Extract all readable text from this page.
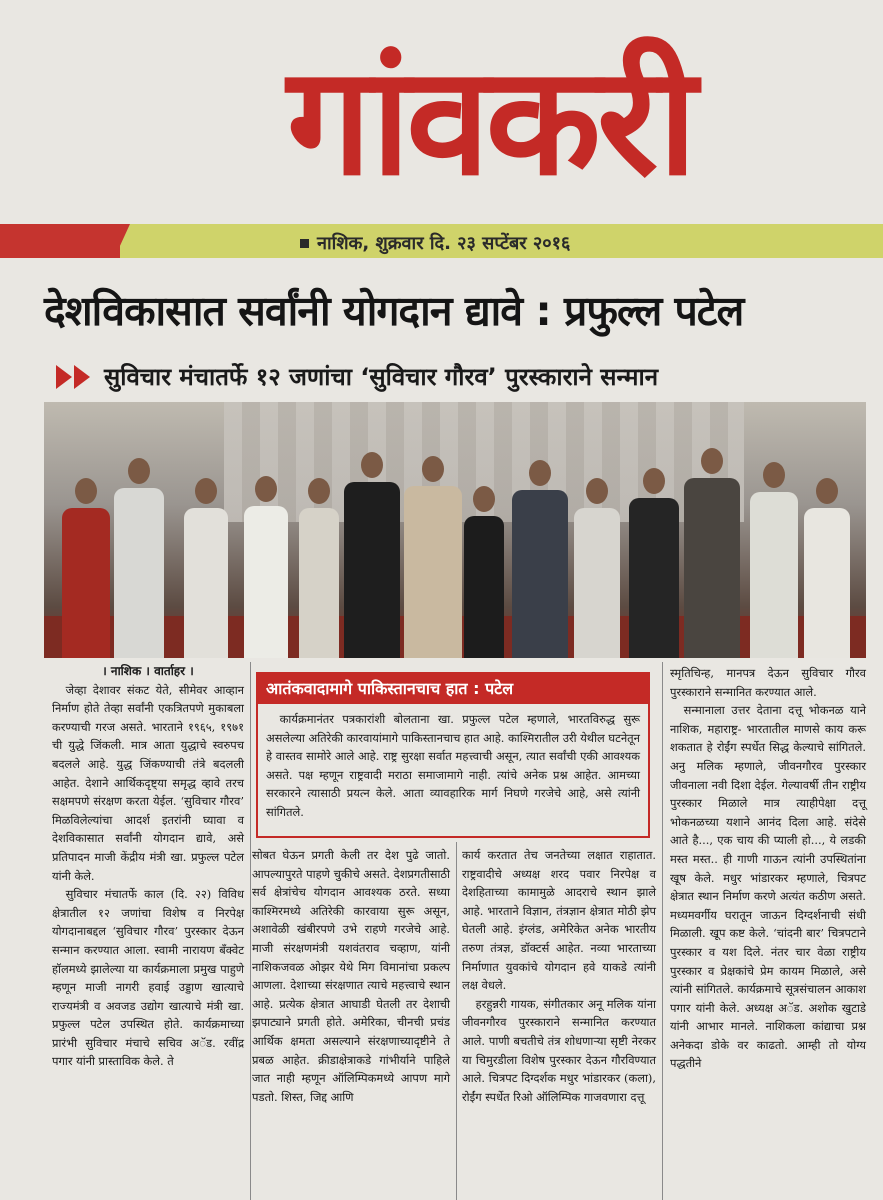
गांवकरी
नाशिक, शुक्रवार दि. २३ सप्टेंबर २०१६
देशविकासात सर्वांनी योगदान द्यावे : प्रफुल्ल पटेल
सुविचार मंचातर्फे १२ जणांचा ‘सुविचार गौरव’ पुरस्काराने सन्मान
। नाशिक । वार्ताहर ।

जेव्हा देशावर संकट येते, सीमेवर आव्हान निर्माण होते तेव्हा सर्वांनी एकत्रितपणे मुकाबला करण्याची गरज असते. भारताने १९६५, १९७१ ची युद्धे जिंकली. मात्र आता युद्धाचे स्वरुपच बदलले आहे. युद्ध जिंकण्याची तंत्रे बदलली आहेत. देशाने आर्थिकदृष्ट्या समृद्ध व्हावे तरच सक्षमपणे संरक्षण करता येईल. ‘सुविचार गौरव’ मिळविलेल्यांचा आदर्श इतरांनी घ्यावा व देशविकासात सर्वांनी योगदान द्यावे, असे प्रतिपादन माजी केंद्रीय मंत्री खा. प्रफुल्ल पटेल यांनी केले.

सुविचार मंचातर्फे काल (दि. २२) विविध क्षेत्रातील १२ जणांचा विशेष व निरपेक्ष योगदानाबद्दल ‘सुविचार गौरव’ पुरस्कार देऊन सन्मान करण्यात आला. स्वामी नारायण बँक्वेट हॉलमध्ये झालेल्या या कार्यक्रमाला प्रमुख पाहुणे म्हणून माजी नागरी हवाई उड्डाण खात्याचे राज्यमंत्री व अवजड उद्योग खात्याचे मंत्री खा. प्रफुल्ल पटेल उपस्थित होते. कार्यक्रमाच्या प्रारंभी सुविचार मंचाचे सचिव अॅड. रवींद्र पगार यांनी प्रास्ताविक केले. ते

आतंकवादामागे पाकिस्तानचाच हात : पटेल

कार्यक्रमानंतर पत्रकारांशी बोलताना खा. प्रफुल्ल पटेल म्हणाले, भारतविरुद्ध सुरू असलेल्या अतिरेकी कारवायांमागे पाकिस्तानचाच हात आहे. काश्मिरातील उरी येथील घटनेतून हे वास्तव सामोरे आले आहे. राष्ट्र सुरक्षा सर्वात महत्त्वाची असून, त्यात सर्वांची एकी आवश्यक असते. पक्ष म्हणून राष्ट्रवादी मराठा समाजामागे नाही. त्यांचे अनेक प्रश्न आहेत. आमच्या सरकारने त्यासाठी प्रयत्न केले. आता व्यावहारिक मार्ग निघणे गरजेचे आहे, असे त्यांनी सांगितले.

सोबत घेऊन प्रगती केली तर देश पुढे जातो. आपल्यापुरते पाहणे चुकीचे असते. देशप्रगतीसाठी सर्व क्षेत्रांचेच योगदान आवश्यक ठरते. सध्या काश्मिरमध्ये अतिरेकी कारवाया सुरू असून, अशावेळी खंबीरपणे उभे राहणे गरजेचे आहे. माजी संरक्षणमंत्री यशवंतराव चव्हाण, यांनी नाशिकजवळ ओझर येथे मिग विमानांचा प्रकल्प आणला. देशाच्या संरक्षणात त्याचे महत्त्वाचे स्थान आहे. प्रत्येक क्षेत्रात आघाडी घेतली तर देशाची झपाट्याने प्रगती होते. अमेरिका, चीनची प्रचंड आर्थिक क्षमता असल्याने संरक्षणाच्यादृष्टीने ते प्रबळ आहेत. क्रीडाक्षेत्राकडे गांभीर्याने पाहिले जात नाही म्हणून ऑलिम्पिकमध्ये आपण मागे पडतो. शिस्त, जिद्द आणि

कार्य करतात तेच जनतेच्या लक्षात राहातात. राष्ट्रवादीचे अध्यक्ष शरद पवार निरपेक्ष व देशहिताच्या कामामुळे आदराचे स्थान झाले आहे. भारताने विज्ञान, तंत्रज्ञान क्षेत्रात मोठी झेप घेतली आहे. इंग्लंड, अमेरिकेत अनेक भारतीय तरुण तंत्रज्ञ, डॉक्टर्स आहेत. नव्या भारताच्या निर्माणात युवकांचे योगदान हवे याकडे त्यांनी लक्ष वेधले.

हरहुन्नरी गायक, संगीतकार अनू मलिक यांना जीवनगौरव पुरस्काराने सन्मानित करण्यात आले. पाणी बचतीचे तंत्र शोधणाऱ्या सृष्टी नेरकर या चिमुरडीला विशेष पुरस्कार देऊन गौरविण्यात आले. चित्रपट दिग्दर्शक मधुर भांडारकर (कला), रोईंग स्पर्धेत रिओ ऑलिम्पिक गाजवणारा दत्तू

स्मृतिचिन्ह, मानपत्र देऊन सुविचार गौरव पुरस्काराने सन्मानित करण्यात आले.

सन्मानाला उत्तर देताना दत्तू भोकनळ याने नाशिक, महाराष्ट्र- भारतातील माणसे काय करू शकतात हे रोईंग स्पर्धेत सिद्ध केल्याचे सांगितले. अनु मलिक म्हणाले, जीवनगौरव पुरस्कार जीवनाला नवी दिशा देईल. गेल्यावर्षी तीन राष्ट्रीय पुरस्कार मिळाले मात्र त्याहीपेक्षा दत्तू भोकनळच्या यशाने आनंद दिला आहे. संदेसे आते है..., एक चाय की प्याली हो..., ये लडकी मस्त मस्त.. ही गाणी गाऊन त्यांनी उपस्थितांना खूष केले. मधुर भांडारकर म्हणाले, चित्रपट क्षेत्रात स्थान निर्माण करणे अत्यंत कठीण असते. मध्यमवर्गीय घरातून जाऊन दिग्दर्शनाची संधी मिळाली. खूप कष्ट केले. ‘चांदनी बार’ चित्रपटाने पुरस्कार व यश दिले. नंतर चार वेळा राष्ट्रीय पुरस्कार व प्रेक्षकांचे प्रेम कायम मिळाले, असे त्यांनी सांगितले. कार्यक्रमाचे सूत्रसंचालन आकाश पगार यांनी केले. अध्यक्ष अॅड. अशोक खुटाडे यांनी आभार मानले. नाशिकला कांद्याचा प्रश्न अनेकदा डोके वर काढतो. आम्ही तो योग्य पद्धतीने
